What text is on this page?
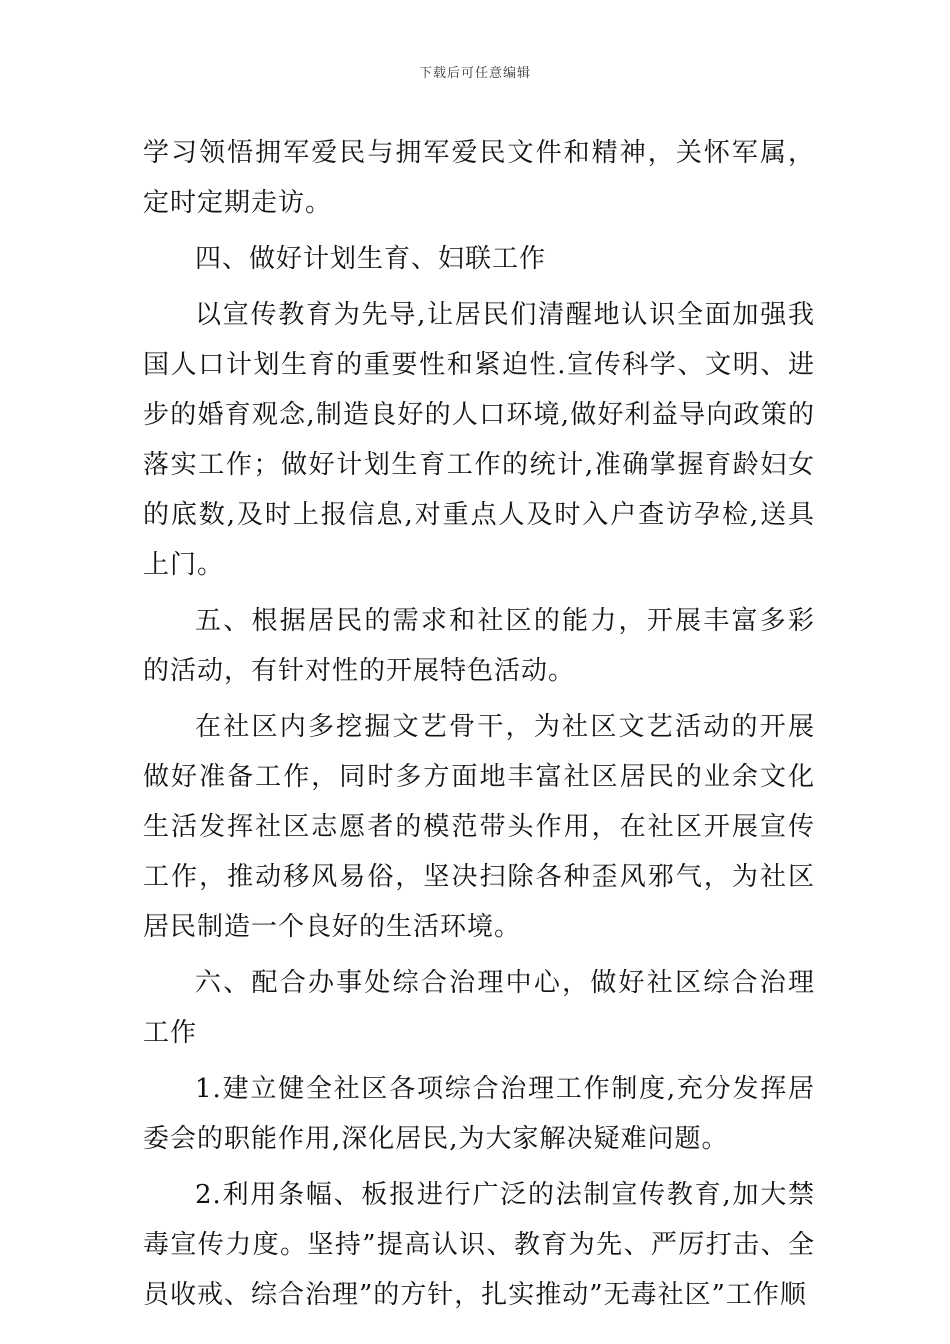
下载后可任意编辑

学习领悟拥军爱民与拥军爱民文件和精神，关怀军属，定时定期走访。

四、做好计划生育、妇联工作

以宣传教育为先导,让居民们清醒地认识全面加强我国人口计划生育的重要性和紧迫性.宣传科学、文明、进步的婚育观念,制造良好的人口环境,做好利益导向政策的落实工作；做好计划生育工作的统计,准确掌握育龄妇女的底数,及时上报信息,对重点人及时入户查访孕检,送具上门。

五、根据居民的需求和社区的能力，开展丰富多彩的活动，有针对性的开展特色活动。

在社区内多挖掘文艺骨干，为社区文艺活动的开展做好准备工作，同时多方面地丰富社区居民的业余文化生活发挥社区志愿者的模范带头作用，在社区开展宣传工作，推动移风易俗，坚决扫除各种歪风邪气，为社区居民制造一个良好的生活环境。

六、配合办事处综合治理中心，做好社区综合治理工作

1.建立健全社区各项综合治理工作制度,充分发挥居委会的职能作用,深化居民,为大家解决疑难问题。

2.利用条幅、板报进行广泛的法制宣传教育,加大禁毒宣传力度。坚持”提高认识、教育为先、严厉打击、全员收戒、综合治理”的方针，扎实推动”无毒社区”工作顺
